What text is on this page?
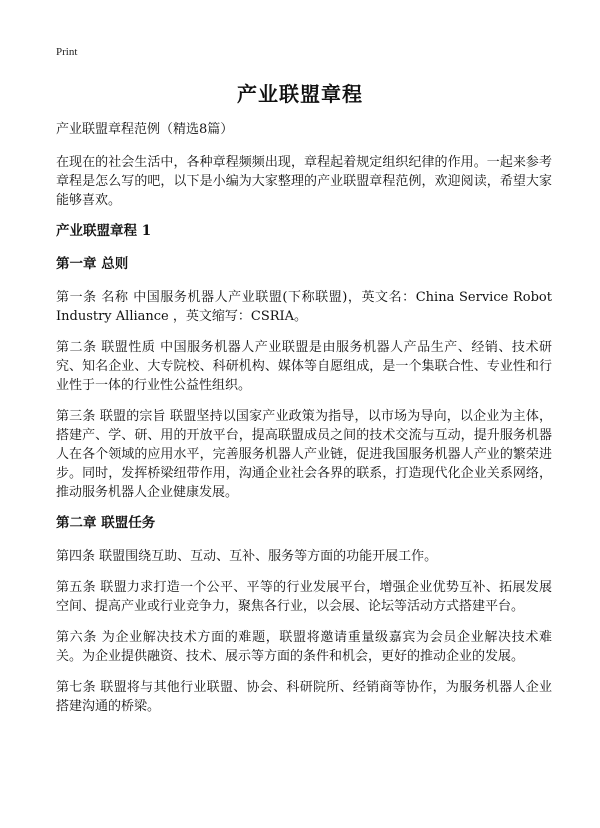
Print
产业联盟章程

产业联盟章程范例（精选8篇）

在现在的社会生活中，各种章程频频出现，章程起着规定组织纪律的作用。一起来参考章程是怎么写的吧，以下是小编为大家整理的产业联盟章程范例，欢迎阅读，希望大家能够喜欢。

产业联盟章程 1

第一章 总则

第一条 名称 中国服务机器人产业联盟(下称联盟)，英文名：China Service Robot Industry Alliance ，英文缩写：CSRIA。

第二条 联盟性质 中国服务机器人产业联盟是由服务机器人产品生产、经销、技术研究、知名企业、大专院校、科研机构、媒体等自愿组成，是一个集联合性、专业性和行业性于一体的行业性公益性组织。

第三条 联盟的宗旨 联盟坚持以国家产业政策为指导，以市场为导向，以企业为主体，搭建产、学、研、用的开放平台，提高联盟成员之间的技术交流与互动，提升服务机器人在各个领域的应用水平，完善服务机器人产业链，促进我国服务机器人产业的繁荣进步。同时，发挥桥梁纽带作用，沟通企业社会各界的联系，打造现代化企业关系网络，推动服务机器人企业健康发展。

第二章 联盟任务

第四条 联盟围绕互助、互动、互补、服务等方面的功能开展工作。

第五条 联盟力求打造一个公平、平等的行业发展平台，增强企业优势互补、拓展发展空间、提高产业或行业竞争力，聚焦各行业，以会展、论坛等活动方式搭建平台。

第六条 为企业解决技术方面的难题，联盟将邀请重量级嘉宾为会员企业解决技术难关。为企业提供融资、技术、展示等方面的条件和机会，更好的推动企业的发展。

第七条 联盟将与其他行业联盟、协会、科研院所、经销商等协作，为服务机器人企业搭建沟通的桥梁。
